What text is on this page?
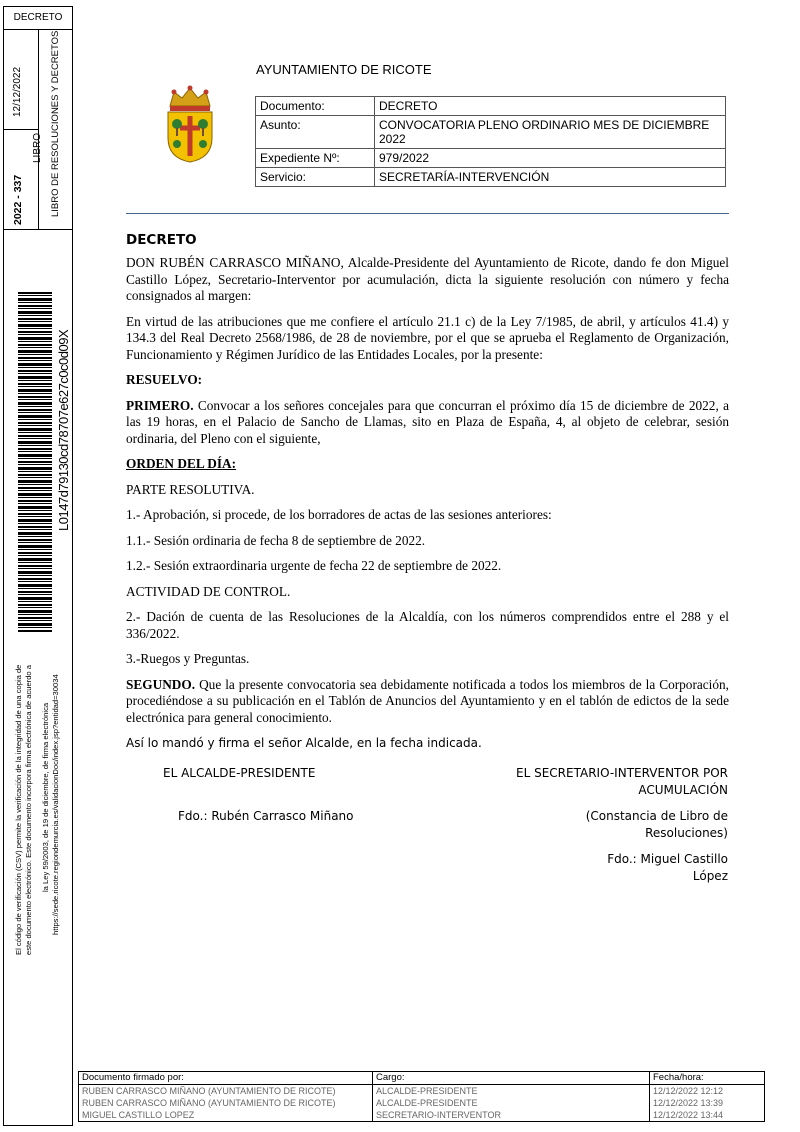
DECRETO
12/12/2022
2022 - 337
LIBRO LIBRO DE RESOLUCIONES Y DECRETOS
L0147d79130cd78707e627c0c0d09X
El código de verificación (CSV) permite la verificación de la integridad de una copia de este documento electrónico. Este documento incorpora firma electrónica de acuerdo a la Ley 59/2003, de 19 de diciembre, de firma electrónica https://sede.ricote.regiondemurcia.es/validacionDoc/index.jsp?entidad=30034
AYUNTAMIENTO DE RICOTE
Documento:	DECRETO
Asunto:	CONVOCATORIA PLENO ORDINARIO MES DE DICIEMBRE 2022
Expediente Nº:	979/2022
Servicio:	SECRETARÍA-INTERVENCIÓN

DECRETO

DON RUBÉN CARRASCO MIÑANO, Alcalde-Presidente del Ayuntamiento de Ricote, dando fe don Miguel Castillo López, Secretario-Interventor por acumulación, dicta la siguiente resolución con número y fecha consignados al margen:

En virtud de las atribuciones que me confiere el artículo 21.1 c) de la Ley 7/1985, de abril, y artículos 41.4) y 134.3 del Real Decreto 2568/1986, de 28 de noviembre, por el que se aprueba el Reglamento de Organización, Funcionamiento y Régimen Jurídico de las Entidades Locales, por la presente:

RESUELVO:

PRIMERO. Convocar a los señores concejales para que concurran el próximo día 15 de diciembre de 2022, a las 19 horas, en el Palacio de Sancho de Llamas, sito en Plaza de España, 4, al objeto de celebrar, sesión ordinaria, del Pleno con el siguiente,

ORDEN DEL DÍA:

PARTE RESOLUTIVA.

1.- Aprobación, si procede, de los borradores de actas de las sesiones anteriores:

1.1.- Sesión ordinaria de fecha 8 de septiembre de 2022.

1.2.- Sesión extraordinaria urgente de fecha 22 de septiembre de 2022.

ACTIVIDAD DE CONTROL.

2.- Dación de cuenta de las Resoluciones de la Alcaldía, con los números comprendidos entre el 288 y el 336/2022.

3.-Ruegos y Preguntas.

SEGUNDO. Que la presente convocatoria sea debidamente notificada a todos los miembros de la Corporación, procediéndose a su publicación en el Tablón de Anuncios del Ayuntamiento y en el tablón de edictos de la sede electrónica para general conocimiento.

Así lo mandó y firma el señor Alcalde, en la fecha indicada.

EL ALCALDE-PRESIDENTE
Fdo.: Rubén Carrasco Miñano
EL SECRETARIO-INTERVENTOR POR
ACUMULACIÓN
(Constancia de Libro de
Resoluciones)
Fdo.: Miguel Castillo
López
Documento firmado por:	Cargo:	Fecha/hora:
RUBEN CARRASCO MIÑANO (AYUNTAMIENTO DE RICOTE)	ALCALDE-PRESIDENTE	12/12/2022 12:12
RUBEN CARRASCO MIÑANO (AYUNTAMIENTO DE RICOTE)	ALCALDE-PRESIDENTE	12/12/2022 13:39
MIGUEL CASTILLO LOPEZ	SECRETARIO-INTERVENTOR	12/12/2022 13:44
